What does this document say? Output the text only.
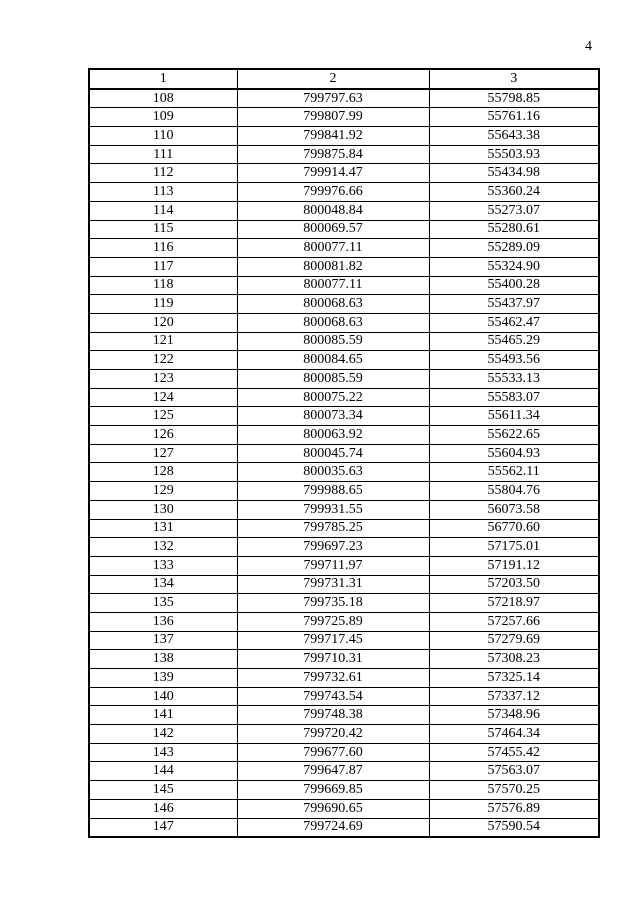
4
1	2	3
108	799797.63	55798.85
109	799807.99	55761.16
110	799841.92	55643.38
111	799875.84	55503.93
112	799914.47	55434.98
113	799976.66	55360.24
114	800048.84	55273.07
115	800069.57	55280.61
116	800077.11	55289.09
117	800081.82	55324.90
118	800077.11	55400.28
119	800068.63	55437.97
120	800068.63	55462.47
121	800085.59	55465.29
122	800084.65	55493.56
123	800085.59	55533.13
124	800075.22	55583.07
125	800073.34	55611.34
126	800063.92	55622.65
127	800045.74	55604.93
128	800035.63	55562.11
129	799988.65	55804.76
130	799931.55	56073.58
131	799785.25	56770.60
132	799697.23	57175.01
133	799711.97	57191.12
134	799731.31	57203.50
135	799735.18	57218.97
136	799725.89	57257.66
137	799717.45	57279.69
138	799710.31	57308.23
139	799732.61	57325.14
140	799743.54	57337.12
141	799748.38	57348.96
142	799720.42	57464.34
143	799677.60	57455.42
144	799647.87	57563.07
145	799669.85	57570.25
146	799690.65	57576.89
147	799724.69	57590.54
